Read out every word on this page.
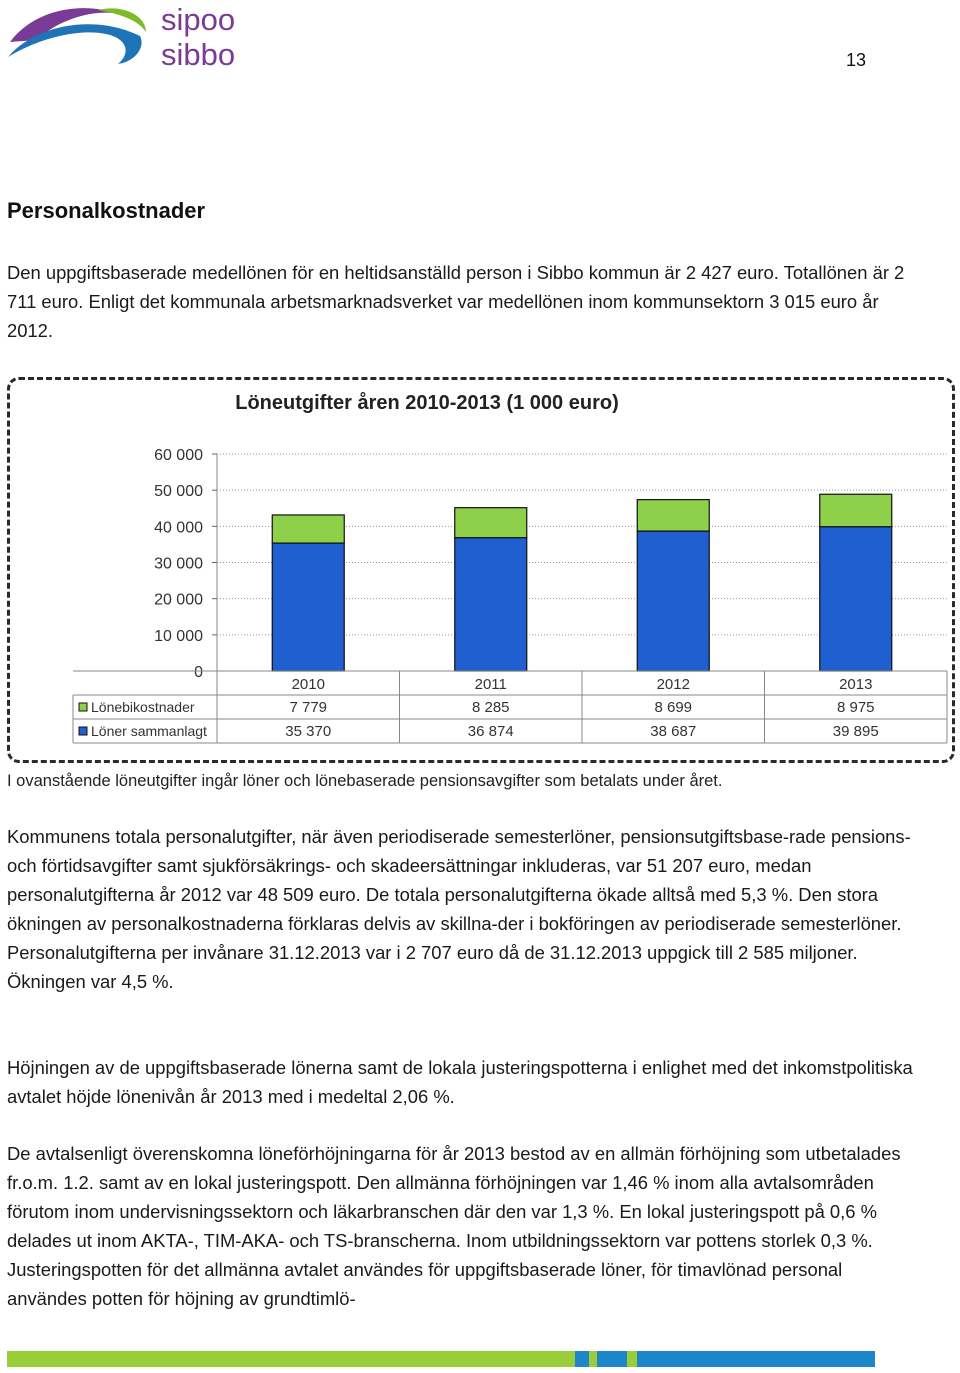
sipoo
sibbo	13
Personalkostnader

Den uppgiftsbaserade medellönen för en heltidsanställd person i Sibbo kommun är 2 427 euro. Totallönen är 2 711 euro. Enligt det kommunala arbetsmarknadsverket var medellönen inom kommunsektorn 3 015 euro år 2012.

Löneutgifter åren 2010-2013 (1 000 euro)
0
10 000
20 000
30 000
40 000
50 000
60 000
2010	2011	2012	2013
Lönebikostnader	7 779	8 285	8 699	8 975
Löner sammanlagt	35 370	36 874	38 687	39 895

I ovanstående löneutgifter ingår löner och lönebaserade pensionsavgifter som betalats under året.

Kommunens totala personalutgifter, när även periodiserade semesterlöner, pensionsutgiftsbase-rade pensions- och förtidsavgifter samt sjukförsäkrings- och skadeersättningar inkluderas, var 51 207 euro, medan personalutgifterna år 2012 var 48 509 euro. De totala personalutgifterna ökade alltså med 5,3 %. Den stora ökningen av personalkostnaderna förklaras delvis av skillna-der i bokföringen av periodiserade semesterlöner. Personalutgifterna per invånare 31.12.2013 var i 2 707 euro då de 31.12.2013 uppgick till 2 585 miljoner. Ökningen var 4,5 %.

Höjningen av de uppgiftsbaserade lönerna samt de lokala justeringspotterna i enlighet med det inkomstpolitiska avtalet höjde lönenivån år 2013 med i medeltal 2,06 %.

De avtalsenligt överenskomna löneförhöjningarna för år 2013 bestod av en allmän förhöjning som utbetalades fr.o.m. 1.2. samt av en lokal justeringspott. Den allmänna förhöjningen var 1,46 % inom alla avtalsområden förutom inom undervisningssektorn och läkarbranschen där den var 1,3 %. En lokal justeringspott på 0,6 % delades ut inom AKTA-, TIM-AKA- och TS-branscherna. Inom utbildningssektorn var pottens storlek 0,3 %. Justeringspotten för det allmänna avtalet användes för uppgiftsbaserade löner, för timavlönad personal användes potten för höjning av grundtimlö-
